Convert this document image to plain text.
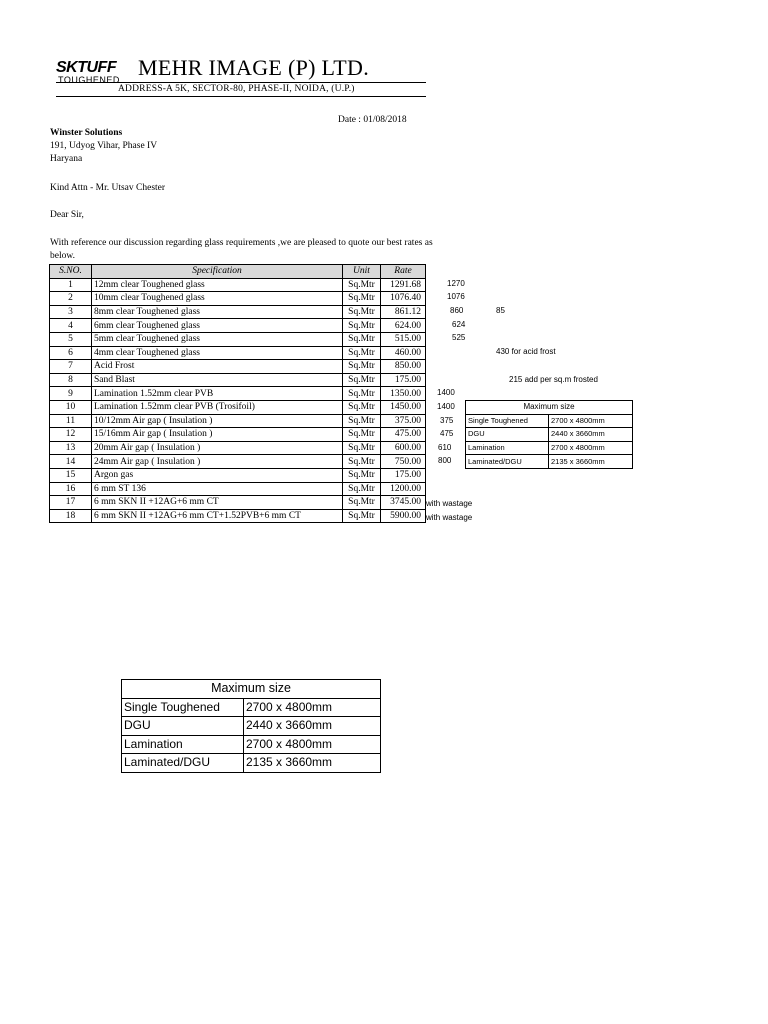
SKTUFF
TOUGHENED MEHR IMAGE (P) LTD.
ADDRESS-A 5K, SECTOR-80, PHASE-II, NOIDA, (U.P.)
Date : 01/08/2018
Winster Solutions
191, Udyog Vihar, Phase IV
Haryana
Kind Attn - Mr. Utsav Chester
Dear Sir,
With reference our discussion regarding glass requirements ,we are pleased to quote our best rates as below.
S.NO.	Specification	Unit	Rate
1	12mm clear Toughened glass	Sq.Mtr	1291.68
2	10mm clear Toughened glass	Sq.Mtr	1076.40
3	8mm clear Toughened glass	Sq.Mtr	861.12
4	6mm clear Toughened glass	Sq.Mtr	624.00
5	5mm clear Toughened glass	Sq.Mtr	515.00
6	4mm clear Toughened glass	Sq.Mtr	460.00
7	Acid Frost	Sq.Mtr	850.00
8	Sand Blast	Sq.Mtr	175.00
9	Lamination 1.52mm clear PVB	Sq.Mtr	1350.00
10	Lamination 1.52mm clear PVB (Trosifoil)	Sq.Mtr	1450.00
11	10/12mm Air gap ( Insulation )	Sq.Mtr	375.00
12	15/16mm Air gap ( Insulation )	Sq.Mtr	475.00
13	20mm Air gap ( Insulation )	Sq.Mtr	600.00
14	24mm Air gap ( Insulation )	Sq.Mtr	750.00
15	Argon gas	Sq.Mtr	175.00
16	6 mm ST 136	Sq.Mtr	1200.00
17	6 mm SKN II +12AG+6 mm CT	Sq.Mtr	3745.00
18	6 mm SKN II +12AG+6 mm CT+1.52PVB+6 mm CT	Sq.Mtr	5900.00
1270
1076
860	85
624
525
430 for acid frost
215 add per sq.m frosted
1400
1400
375
475
610
800
with wastage
with wastage
Maximum size	
Single Toughened	2700 x 4800mm
DGU	2440 x 3660mm
Lamination	2700 x 4800mm
Laminated/DGU	2135 x 3660mm
Maximum size	
Single Toughened	2700 x 4800mm
DGU	2440 x 3660mm
Lamination	2700 x 4800mm
Laminated/DGU	2135 x 3660mm
